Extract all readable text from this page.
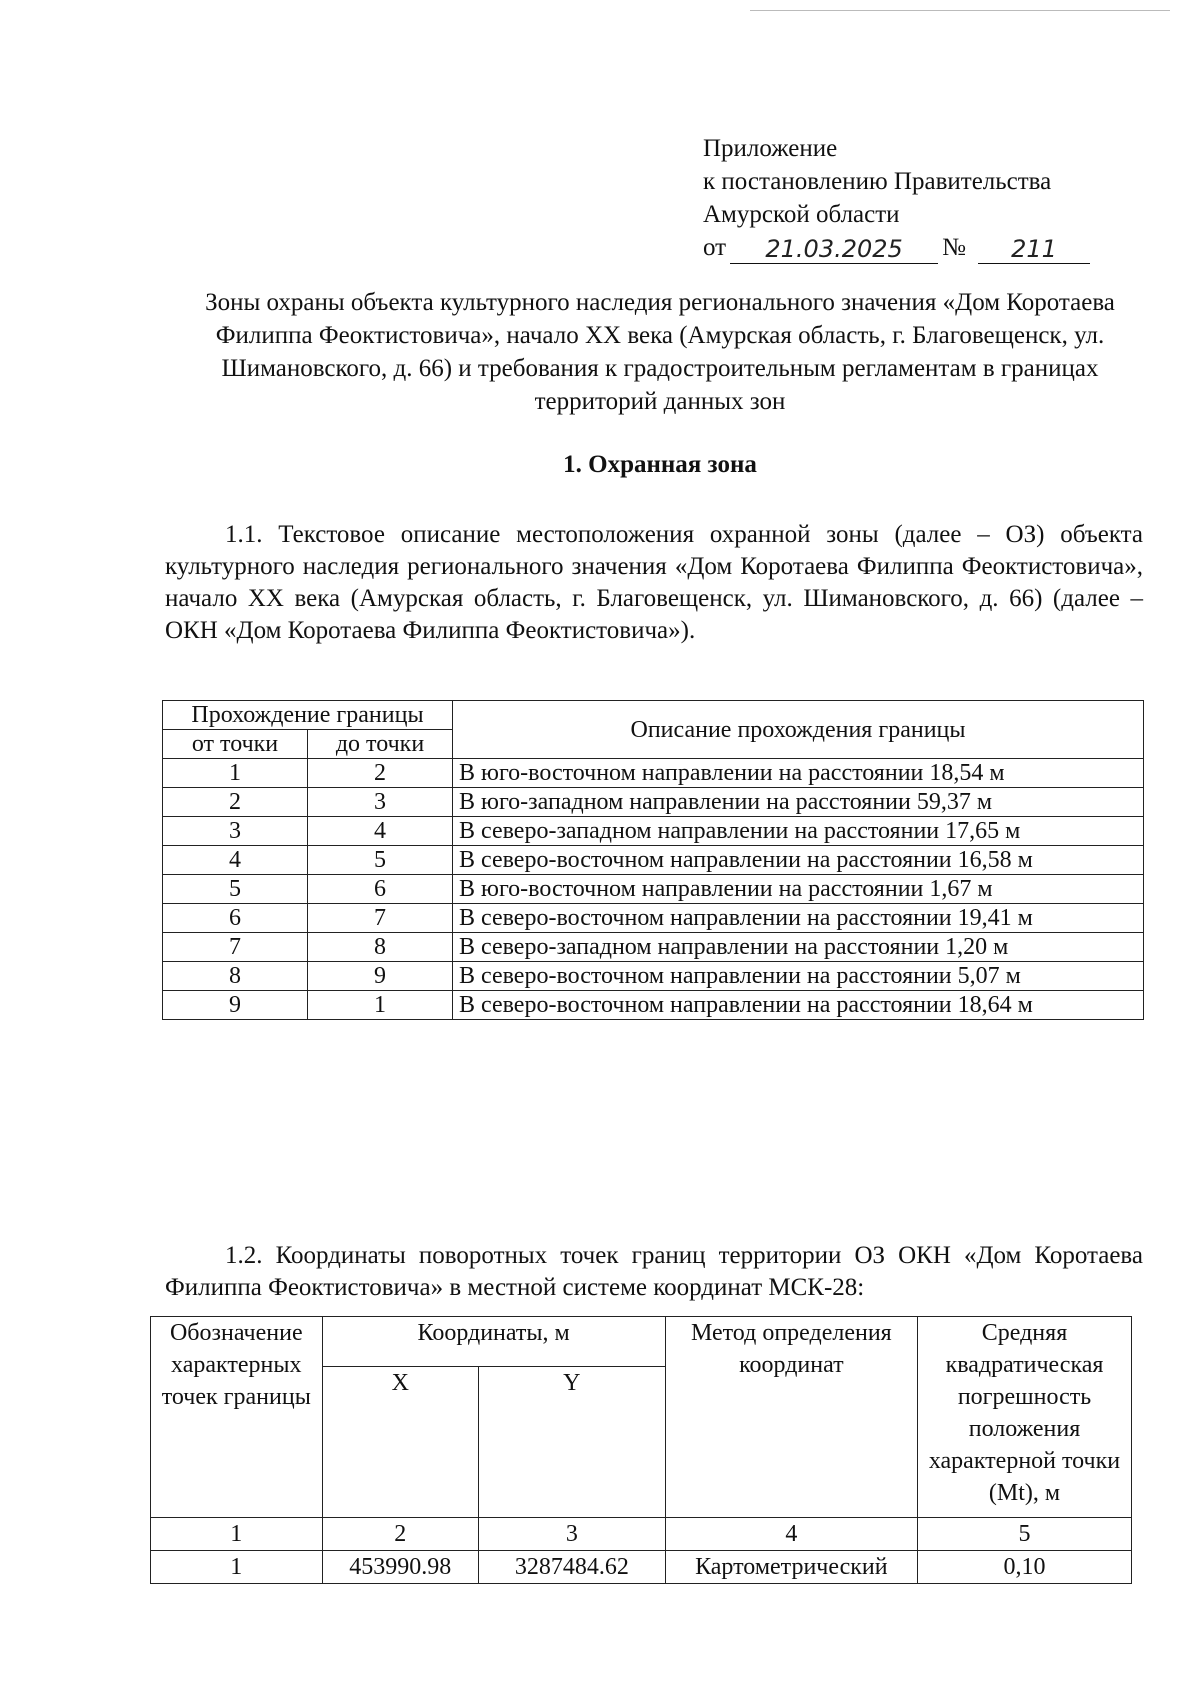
Приложение
к постановлению Правительства
Амурской области
от	21.03.2025	№	211
Зоны охраны объекта культурного наследия регионального значения «Дом Коротаева Филиппа Феоктистовича», начало XX века (Амурская область, г. Благовещенск, ул. Шимановского, д. 66) и требования к градостроительным регламентам в границах территорий данных зон
1. Охранная зона
1.1. Текстовое описание местоположения охранной зоны (далее – ОЗ) объекта культурного наследия регионального значения «Дом Коротаева Филиппа Феоктистовича», начало XX века (Амурская область, г. Благовещенск, ул. Шимановского, д. 66) (далее – ОКН «Дом Коротаева Филиппа Феоктистовича»).
Прохождение границы		Описание прохождения границы
от точки	до точки	
1	2	В юго-восточном направлении на расстоянии 18,54 м
2	3	В юго-западном направлении на расстоянии 59,37 м
3	4	В северо-западном направлении на расстоянии 17,65 м
4	5	В северо-восточном направлении на расстоянии 16,58 м
5	6	В юго-восточном направлении на расстоянии 1,67 м
6	7	В северо-восточном направлении на расстоянии 19,41 м
7	8	В северо-западном направлении на расстоянии 1,20 м
8	9	В северо-восточном направлении на расстоянии 5,07 м
9	1	В северо-восточном направлении на расстоянии 18,64 м
1.2. Координаты поворотных точек границ территории ОЗ ОКН «Дом Коротаева Филиппа Феоктистовича» в местной системе координат МСК-28:
Обозначение характерных точек границы	Координаты, м		Метод определения координат	Средняя квадратическая погрешность положения характерной точки (Mt), м
	X	Y		
1	2	3	4	5
1	453990.98	3287484.62	Картометрический	0,10
